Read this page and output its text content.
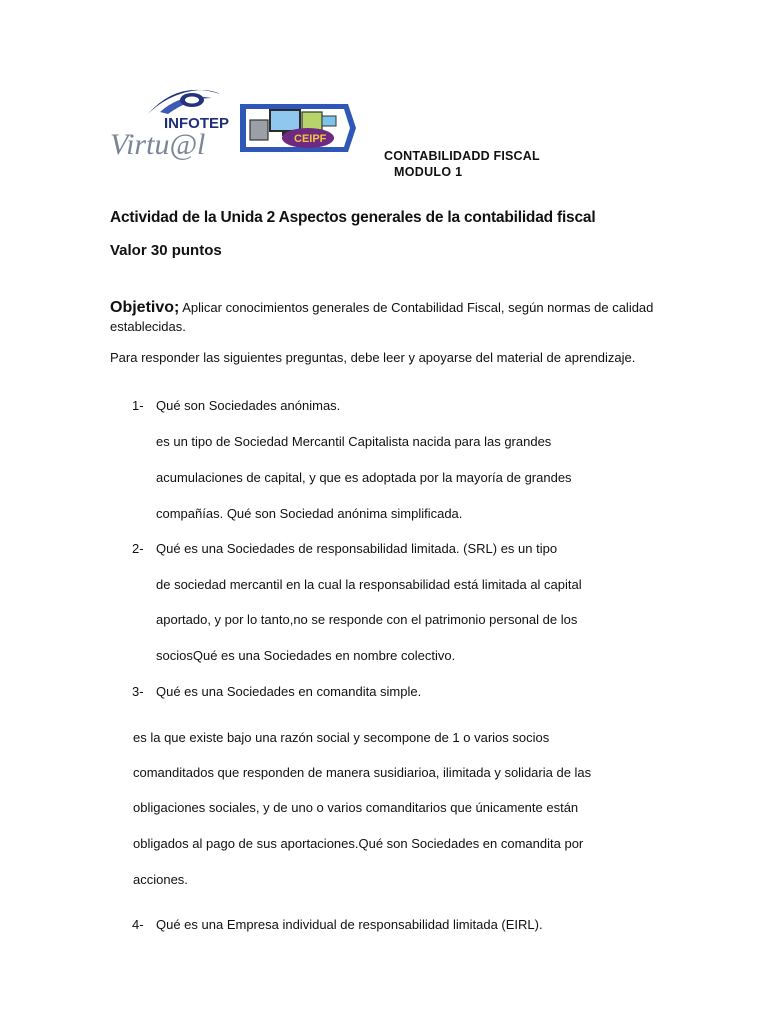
INFOTEP
Virtu@l	CEIPF
CONTABILIDADD FISCAL
MODULO 1
Actividad de la Unida 2 Aspectos generales de la contabilidad fiscal
Valor 30 puntos
Objetivo; Aplicar conocimientos generales de Contabilidad Fiscal, según normas de calidad establecidas.
Para responder las siguientes preguntas, debe leer y apoyarse del material de aprendizaje.
1- Qué son Sociedades anónimas.
es un tipo de Sociedad Mercantil Capitalista nacida para las grandes
acumulaciones de capital, y que es adoptada por la mayoría de grandes
compañías. Qué son Sociedad anónima simplificada.
2- Qué es una Sociedades de responsabilidad limitada. (SRL) es un tipo
de sociedad mercantil en la cual la responsabilidad está limitada al capital
aportado, y por lo tanto,no se responde con el patrimonio personal de los
sociosQué es una Sociedades en nombre colectivo.
3- Qué es una Sociedades en comandita simple.
es la que existe bajo una razón social y secompone de 1 o varios socios
comanditados que responden de manera susidiarioa, ilimitada y solidaria de las
obligaciones sociales, y de uno o varios comanditarios que únicamente están
obligados al pago de sus aportaciones.Qué son Sociedades en comandita por
acciones.
4- Qué es una Empresa individual de responsabilidad limitada (EIRL).
